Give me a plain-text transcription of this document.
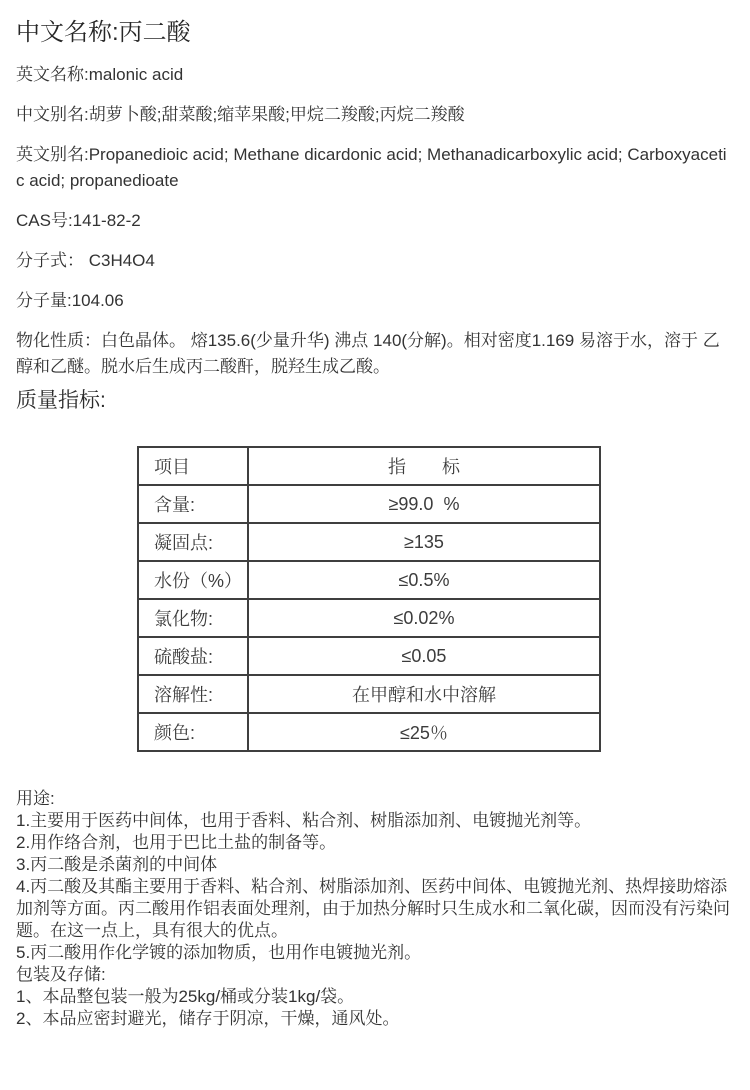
中文名称:丙二酸

英文名称:malonic acid

中文别名:胡萝卜酸;甜菜酸;缩苹果酸;甲烷二羧酸;丙烷二羧酸

英文别名:Propanedioic acid; Methane dicardonic acid; Methanadicarboxylic acid; Carboxyacetic acid; propanedioate

CAS号:141-82-2

分子式： C3H4O4

分子量:104.06

物化性质：白色晶体。 熔135.6(少量升华) 沸点 140(分解)。相对密度1.169 易溶于水，溶于 乙醇和乙醚。脱水后生成丙二酸酐，脱羟生成乙酸。

质量指标:
项目	指　　标
含量:	≥99.0  %
凝固点:	≥135
水份（%）	≤0.5%
氯化物:	≤0.02%
硫酸盐:	≤0.05
溶解性:	在甲醇和水中溶解
颜色:	≤25％

用途:

1.主要用于医药中间体，也用于香料、粘合剂、树脂添加剂、电镀抛光剂等。

2.用作络合剂，也用于巴比土盐的制备等。

3.丙二酸是杀菌剂的中间体

4.丙二酸及其酯主要用于香料、粘合剂、树脂添加剂、医药中间体、电镀抛光剂、热焊接助熔添加剂等方面。丙二酸用作铝表面处理剂，由于加热分解时只生成水和二氧化碳，因而没有污染问题。在这一点上，具有很大的优点。

5.丙二酸用作化学镀的添加物质，也用作电镀抛光剂。

包装及存储:

1、本品整包装一般为25kg/桶或分装1kg/袋。

2、本品应密封避光，储存于阴凉，干燥，通风处。
